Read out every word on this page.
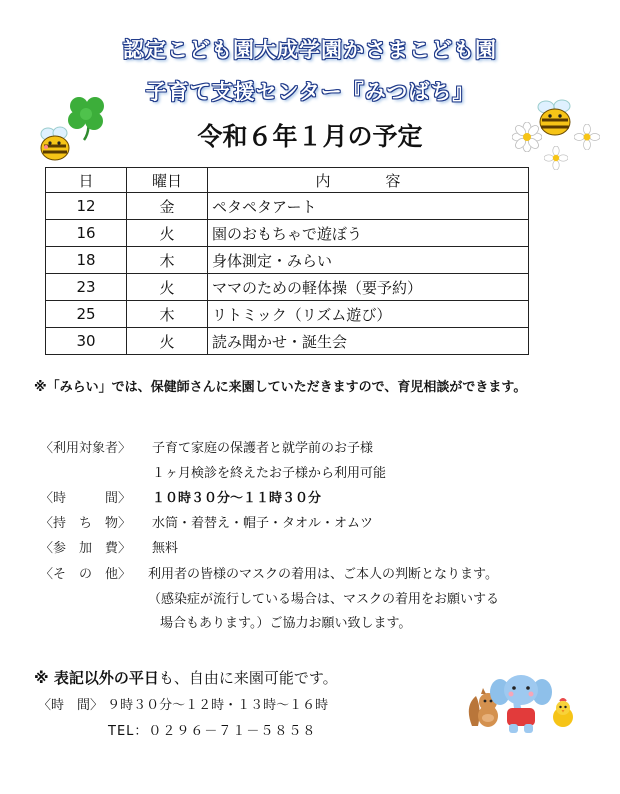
認定こども園大成学園かさまこども園
子育て支援センター『みつばち』
令和６年１月の予定
日	曜日	内　容
12	金	ペタペタアート
16	火	園のおもちゃで遊ぼう
18	木	身体測定・みらい
23	火	ママのための軽体操（要予約）
25	木	リトミック（リズム遊び）
30	火	読み聞かせ・誕生会
※「みらい」では、保健師さんに来園していただきますので、育児相談ができます。
〈利用対象者〉 子育て家庭の保護者と就学前のお子様
１ヶ月検診を終えたお子様から利用可能
〈時　　　間〉 １０時３０分～１１時３０分
〈持　ち　物〉 水筒・着替え・帽子・タオル・オムツ
〈参　加　費〉 無料
〈そ　の　他〉 利用者の皆様のマスクの着用は、ご本人の判断となります。
（感染症が流行している場合は、マスクの着用をお願いする
場合もあります。）ご協力お願い致します。
※ 表記以外の平日も、自由に来園可能です。
〈時　間〉 ９時３０分～１２時・１３時～１６時
TEL：０２９６－７１－５８５８
